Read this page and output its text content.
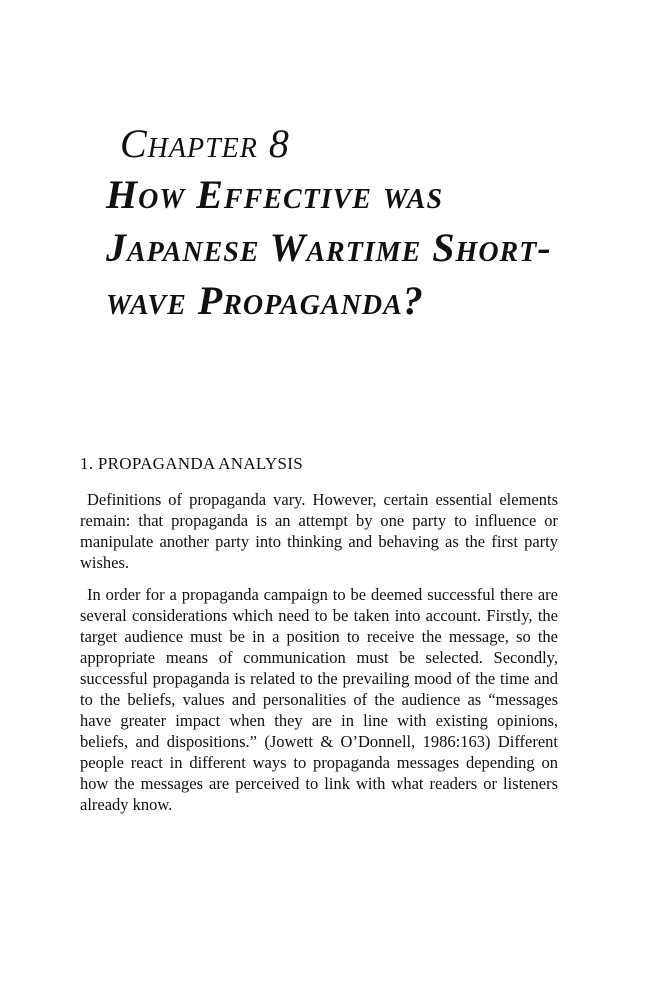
Chapter 8
How Effective was
Japanese Wartime Short-
wave Propaganda?
1. PROPAGANDA ANALYSIS

Definitions of propaganda vary. However, certain essential elements remain: that propaganda is an attempt by one party to influence or manipulate another party into thinking and behaving as the first party wishes.

In order for a propaganda campaign to be deemed successful there are several considerations which need to be taken into account. Firstly, the target audience must be in a position to receive the message, so the appropriate means of communication must be selected. Secondly, successful propaganda is related to the prevailing mood of the time and to the beliefs, values and personalities of the audience as “messages have greater impact when they are in line with existing opinions, beliefs, and dispositions.” (Jowett & O’Donnell, 1986:163) Different people react in different ways to propaganda messages depending on how the messages are perceived to link with what readers or listeners already know.
